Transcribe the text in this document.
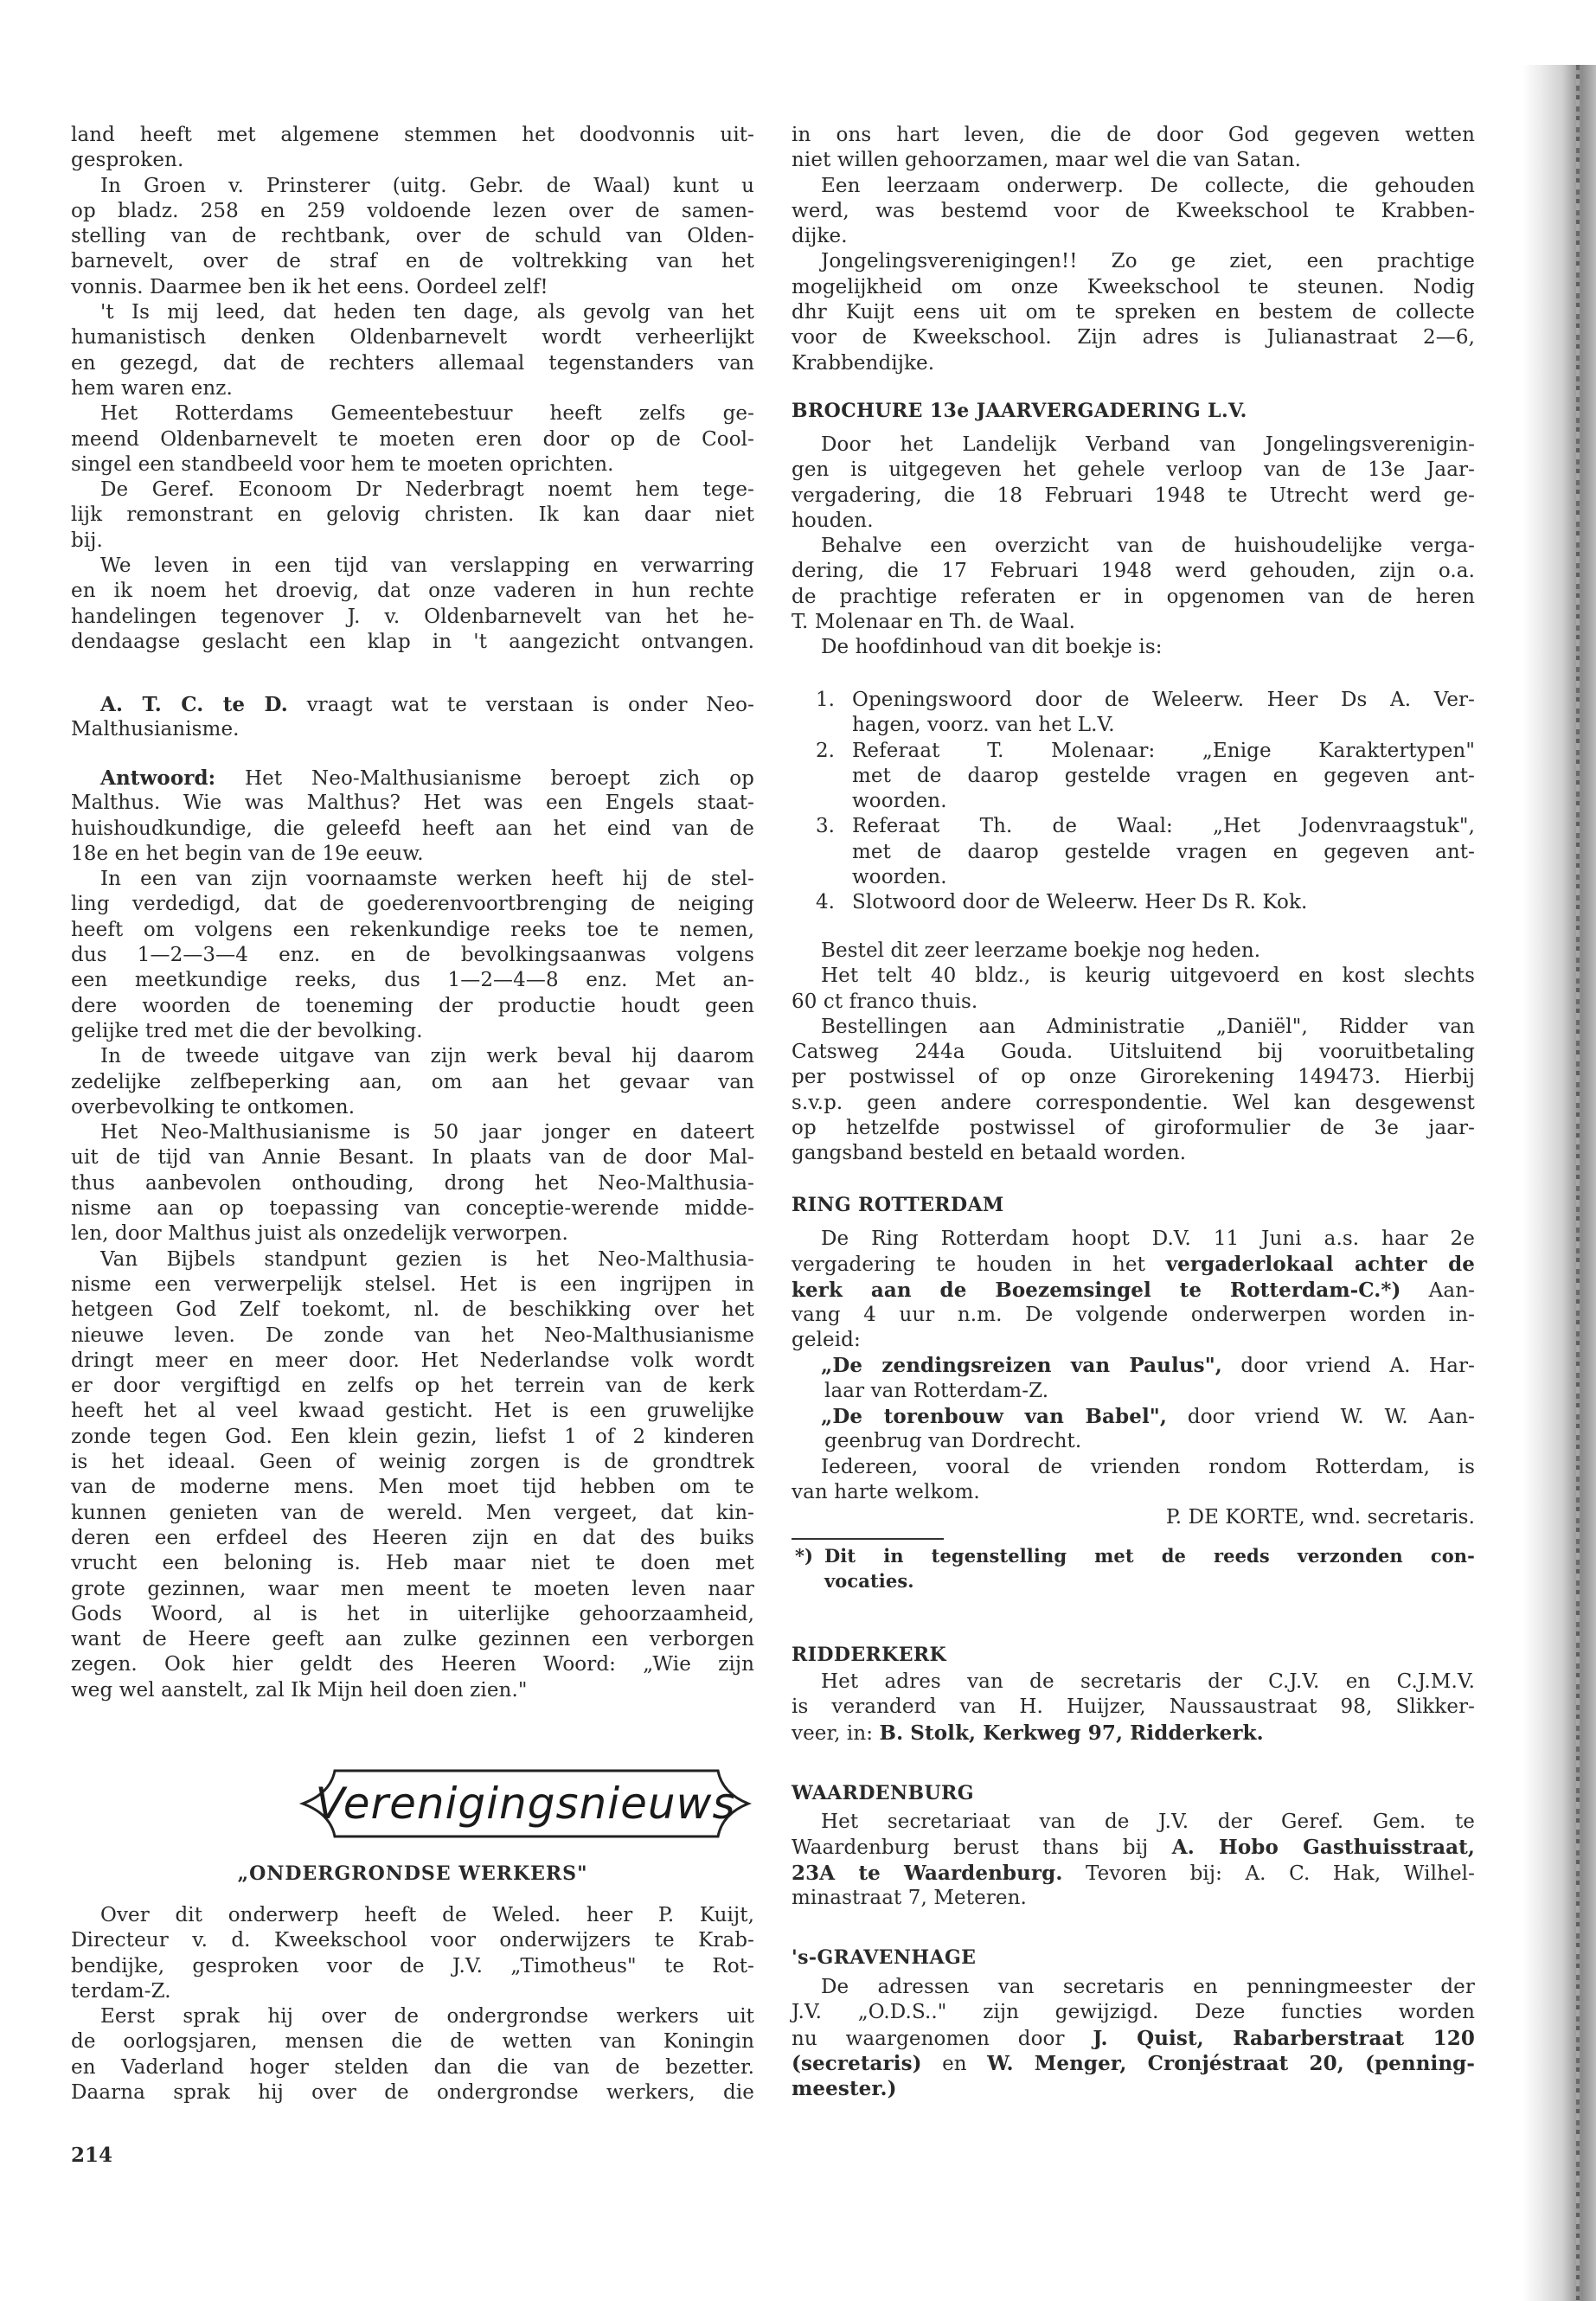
land heeft met algemene stemmen het doodvonnis uit-
gesproken.
In Groen v. Prinsterer (uitg. Gebr. de Waal) kunt u
op bladz. 258 en 259 voldoende lezen over de samen-
stelling van de rechtbank, over de schuld van Olden-
barnevelt, over de straf en de voltrekking van het
vonnis. Daarmee ben ik het eens. Oordeel zelf!
't Is mij leed, dat heden ten dage, als gevolg van het
humanistisch denken Oldenbarnevelt wordt verheerlijkt
en gezegd, dat de rechters allemaal tegenstanders van
hem waren enz.
Het Rotterdams Gemeentebestuur heeft zelfs ge-
meend Oldenbarnevelt te moeten eren door op de Cool-
singel een standbeeld voor hem te moeten oprichten.
De Geref. Econoom Dr Nederbragt noemt hem tege-
lijk remonstrant en gelovig christen. Ik kan daar niet
bij.
We leven in een tijd van verslapping en verwarring
en ik noem het droevig, dat onze vaderen in hun rechte
handelingen tegenover J. v. Oldenbarnevelt van het he-
dendaagse geslacht een klap in 't aangezicht ontvangen.
A. T. C. te D. vraagt wat te verstaan is onder Neo-
Malthusianisme.
Antwoord: Het Neo-Malthusianisme beroept zich op
Malthus. Wie was Malthus? Het was een Engels staat-
huishoudkundige, die geleefd heeft aan het eind van de
18e en het begin van de 19e eeuw.
In een van zijn voornaamste werken heeft hij de stel-
ling verdedigd, dat de goederenvoortbrenging de neiging
heeft om volgens een rekenkundige reeks toe te nemen,
dus 1—2—3—4 enz. en de bevolkingsaanwas volgens
een meetkundige reeks, dus 1—2—4—8 enz. Met an-
dere woorden de toeneming der productie houdt geen
gelijke tred met die der bevolking.
In de tweede uitgave van zijn werk beval hij daarom
zedelijke zelfbeperking aan, om aan het gevaar van
overbevolking te ontkomen.
Het Neo-Malthusianisme is 50 jaar jonger en dateert
uit de tijd van Annie Besant. In plaats van de door Mal-
thus aanbevolen onthouding, drong het Neo-Malthusia-
nisme aan op toepassing van conceptie-werende midde-
len, door Malthus juist als onzedelijk verworpen.
Van Bijbels standpunt gezien is het Neo-Malthusia-
nisme een verwerpelijk stelsel. Het is een ingrijpen in
hetgeen God Zelf toekomt, nl. de beschikking over het
nieuwe leven. De zonde van het Neo-Malthusianisme
dringt meer en meer door. Het Nederlandse volk wordt
er door vergiftigd en zelfs op het terrein van de kerk
heeft het al veel kwaad gesticht. Het is een gruwelijke
zonde tegen God. Een klein gezin, liefst 1 of 2 kinderen
is het ideaal. Geen of weinig zorgen is de grondtrek
van de moderne mens. Men moet tijd hebben om te
kunnen genieten van de wereld. Men vergeet, dat kin-
deren een erfdeel des Heeren zijn en dat des buiks
vrucht een beloning is. Heb maar niet te doen met
grote gezinnen, waar men meent te moeten leven naar
Gods Woord, al is het in uiterlijke gehoorzaamheid,
want de Heere geeft aan zulke gezinnen een verborgen
zegen. Ook hier geldt des Heeren Woord: „Wie zijn
weg wel aanstelt, zal Ik Mijn heil doen zien."
Verenigingsnieuws
„ONDERGRONDSE WERKERS"
Over dit onderwerp heeft de Weled. heer P. Kuijt,
Directeur v. d. Kweekschool voor onderwijzers te Krab-
bendijke, gesproken voor de J.V. „Timotheus" te Rot-
terdam-Z.
Eerst sprak hij over de ondergrondse werkers uit
de oorlogsjaren, mensen die de wetten van Koningin
en Vaderland hoger stelden dan die van de bezetter.
Daarna sprak hij over de ondergrondse werkers, die
214
in ons hart leven, die de door God gegeven wetten
niet willen gehoorzamen, maar wel die van Satan.
Een leerzaam onderwerp. De collecte, die gehouden
werd, was bestemd voor de Kweekschool te Krabben-
dijke.
Jongelingsverenigingen!! Zo ge ziet, een prachtige
mogelijkheid om onze Kweekschool te steunen. Nodig
dhr Kuijt eens uit om te spreken en bestem de collecte
voor de Kweekschool. Zijn adres is Julianastraat 2—6,
Krabbendijke.
BROCHURE 13e JAARVERGADERING L.V.
Door het Landelijk Verband van Jongelingsverenigin-
gen is uitgegeven het gehele verloop van de 13e Jaar-
vergadering, die 18 Februari 1948 te Utrecht werd ge-
houden.
Behalve een overzicht van de huishoudelijke verga-
dering, die 17 Februari 1948 werd gehouden, zijn o.a.
de prachtige referaten er in opgenomen van de heren
T. Molenaar en Th. de Waal.
De hoofdinhoud van dit boekje is:
1. Openingswoord door de Weleerw. Heer Ds A. Ver-
hagen, voorz. van het L.V.
2. Referaat T. Molenaar: „Enige Karaktertypen"
met de daarop gestelde vragen en gegeven ant-
woorden.
3. Referaat Th. de Waal: „Het Jodenvraagstuk",
met de daarop gestelde vragen en gegeven ant-
woorden.
4. Slotwoord door de Weleerw. Heer Ds R. Kok.
Bestel dit zeer leerzame boekje nog heden.
Het telt 40 bldz., is keurig uitgevoerd en kost slechts
60 ct franco thuis.
Bestellingen aan Administratie „Daniël", Ridder van
Catsweg 244a Gouda. Uitsluitend bij vooruitbetaling
per postwissel of op onze Girorekening 149473. Hierbij
s.v.p. geen andere correspondentie. Wel kan desgewenst
op hetzelfde postwissel of giroformulier de 3e jaar-
gangsband besteld en betaald worden.
RING ROTTERDAM
De Ring Rotterdam hoopt D.V. 11 Juni a.s. haar 2e
vergadering te houden in het vergaderlokaal achter de
kerk aan de Boezemsingel te Rotterdam-C.*) Aan-
vang 4 uur n.m. De volgende onderwerpen worden in-
geleid:
„De zendingsreizen van Paulus", door vriend A. Har-
laar van Rotterdam-Z.
„De torenbouw van Babel", door vriend W. W. Aan-
geenbrug van Dordrecht.
Iedereen, vooral de vrienden rondom Rotterdam, is
van harte welkom.
P. DE KORTE, wnd. secretaris.
*) Dit in tegenstelling met de reeds verzonden con-
vocaties.
RIDDERKERK
Het adres van de secretaris der C.J.V. en C.J.M.V.
is veranderd van H. Huijzer, Naussaustraat 98, Slikker-
veer, in: B. Stolk, Kerkweg 97, Ridderkerk.
WAARDENBURG
Het secretariaat van de J.V. der Geref. Gem. te
Waardenburg berust thans bij A. Hobo Gasthuisstraat,
23A te Waardenburg. Tevoren bij: A. C. Hak, Wilhel-
minastraat 7, Meteren.
's-GRAVENHAGE
De adressen van secretaris en penningmeester der
J.V. „O.D.S.." zijn gewijzigd. Deze functies worden
nu waargenomen door J. Quist, Rabarberstraat 120
(secretaris) en W. Menger, Cronjéstraat 20, (penning-
meester.)
